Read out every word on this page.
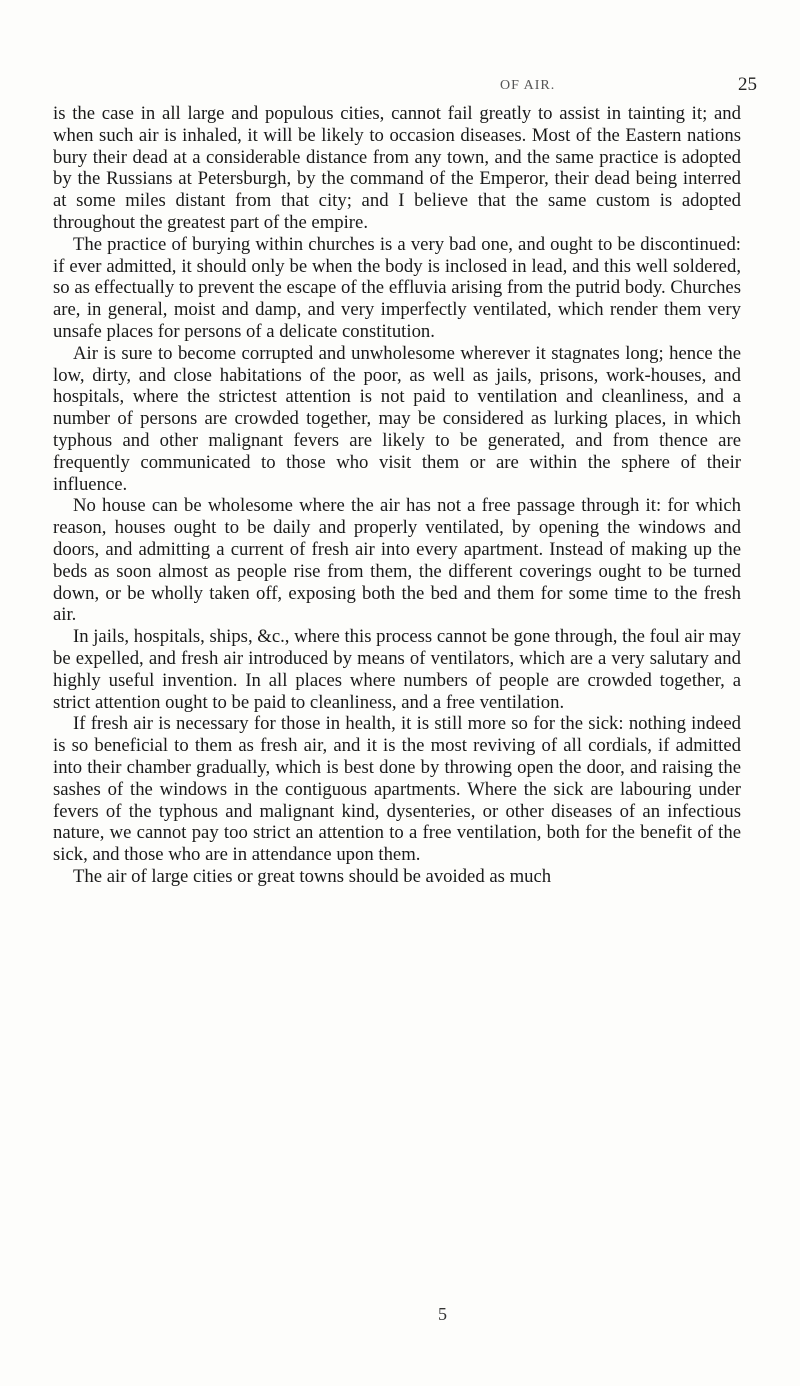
OF AIR.	25

is the case in all large and populous cities, cannot fail greatly to assist in tainting it; and when such air is inhaled, it will be likely to occasion diseases. Most of the Eastern nations bury their dead at a considerable distance from any town, and the same practice is adopted by the Russians at Petersburgh, by the command of the Emperor, their dead being interred at some miles distant from that city; and I believe that the same custom is adopted throughout the greatest part of the empire.

The practice of burying within churches is a very bad one, and ought to be discontinued: if ever admitted, it should only be when the body is inclosed in lead, and this well soldered, so as effectually to prevent the escape of the effluvia arising from the putrid body. Churches are, in general, moist and damp, and very imperfectly ventilated, which render them very unsafe places for persons of a delicate constitution.

Air is sure to become corrupted and unwholesome wherever it stagnates long; hence the low, dirty, and close habitations of the poor, as well as jails, prisons, work-houses, and hospitals, where the strictest attention is not paid to ventilation and cleanliness, and a number of persons are crowded together, may be considered as lurking places, in which typhous and other malignant fevers are likely to be generated, and from thence are frequently communicated to those who visit them or are within the sphere of their influence.

No house can be wholesome where the air has not a free passage through it: for which reason, houses ought to be daily and properly ventilated, by opening the windows and doors, and admitting a current of fresh air into every apartment. Instead of making up the beds as soon almost as people rise from them, the different coverings ought to be turned down, or be wholly taken off, exposing both the bed and them for some time to the fresh air.

In jails, hospitals, ships, &c., where this process cannot be gone through, the foul air may be expelled, and fresh air introduced by means of ventilators, which are a very salutary and highly useful invention. In all places where numbers of people are crowded together, a strict attention ought to be paid to cleanliness, and a free ventilation.

If fresh air is necessary for those in health, it is still more so for the sick: nothing indeed is so beneficial to them as fresh air, and it is the most reviving of all cordials, if admitted into their chamber gradually, which is best done by throwing open the door, and raising the sashes of the windows in the contiguous apartments. Where the sick are labouring under fevers of the typhous and malignant kind, dysenteries, or other diseases of an infectious nature, we cannot pay too strict an attention to a free ventilation, both for the benefit of the sick, and those who are in attendance upon them.

The air of large cities or great towns should be avoided as much

5
